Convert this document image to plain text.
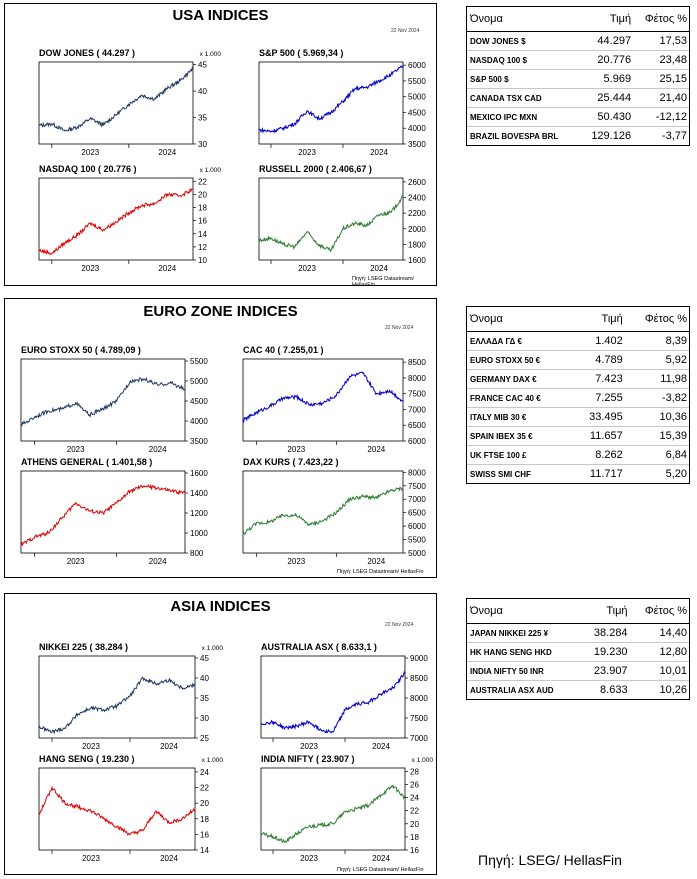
USA INDICES
22 Nov 2024
DOW JONES ( 44.297 )	x 1.000
30
35
40
45
2023	2024
S&P 500 ( 5.969,34 )
3500
4000
4500
5000
5500
6000
2023	2024
NASDAQ 100 ( 20.776 )	x 1.000
10
12
14
16
18
20
22
2023	2024
RUSSELL 2000 ( 2.406,67 )
1600
1800
2000
2200
2400
2600
2023	2024
Πηγή: LSEG Datastream/ HellasFin
EURO ZONE INDICES
22 Nov 2024
EURO STOXX 50 ( 4.789,09 )
3500
4000
4500
5000
5500
2023	2024
CAC 40 ( 7.255,01 )
6000
6500
7000
7500
8000
8500
2023	2024
ATHENS GENERAL ( 1.401,58 )
800
1000
1200
1400
1600
2023	2024
DAX KURS ( 7.423,22 )
5000
5500
6000
6500
7000
7500
8000
2023	2024
Πηγή: LSEG Datastream/ HellasFin
ASIA INDICES
22 Nov 2024
NIKKEI 225 ( 38.284 )	x 1.000
25
30
35
40
45
2023	2024
AUSTRALIA ASX ( 8.633,1 )
7000
7500
8000
8500
9000
2023	2024
HANG SENG ( 19.230 )	x 1.000
14
16
18
20
22
24
2023	2024
INDIA NIFTY ( 23.907 )	x 1.000
16
18
20
22
24
26
28
2023	2024
Πηγή: LSEG Datastream/ HellasFin
Όνομα	Τιμή	Φέτος %
DOW JONES $	44.297	17,53
NASDAQ 100 $	20.776	23,48
S&P 500 $	5.969	25,15
CANADA TSX CAD	25.444	21,40
MEXICO IPC MXN	50.430	-12,12
BRAZIL BOVESPA BRL	129.126	-3,77
Όνομα	Τιμή	Φέτος %
ΕΛΛΑΔΑ ΓΔ €	1.402	8,39
EURO STOXX 50 €	4.789	5,92
GERMANY DAX €	7.423	11,98
FRANCE CAC 40 €	7.255	-3,82
ITALY MIB 30 €	33.495	10,36
SPAIN IBEX 35 €	11.657	15,39
UK FTSE 100 £	8.262	6,84
SWISS SMI CHF	11.717	5,20
Όνομα	Τιμή	Φέτος %
JAPAN NIKKEI 225 ¥	38.284	14,40
HK HANG SENG HKD	19.230	12,80
INDIA NIFTY 50 INR	23.907	10,01
AUSTRALIA ASX AUD	8.633	10,26
Πηγή: LSEG/ HellasFin
